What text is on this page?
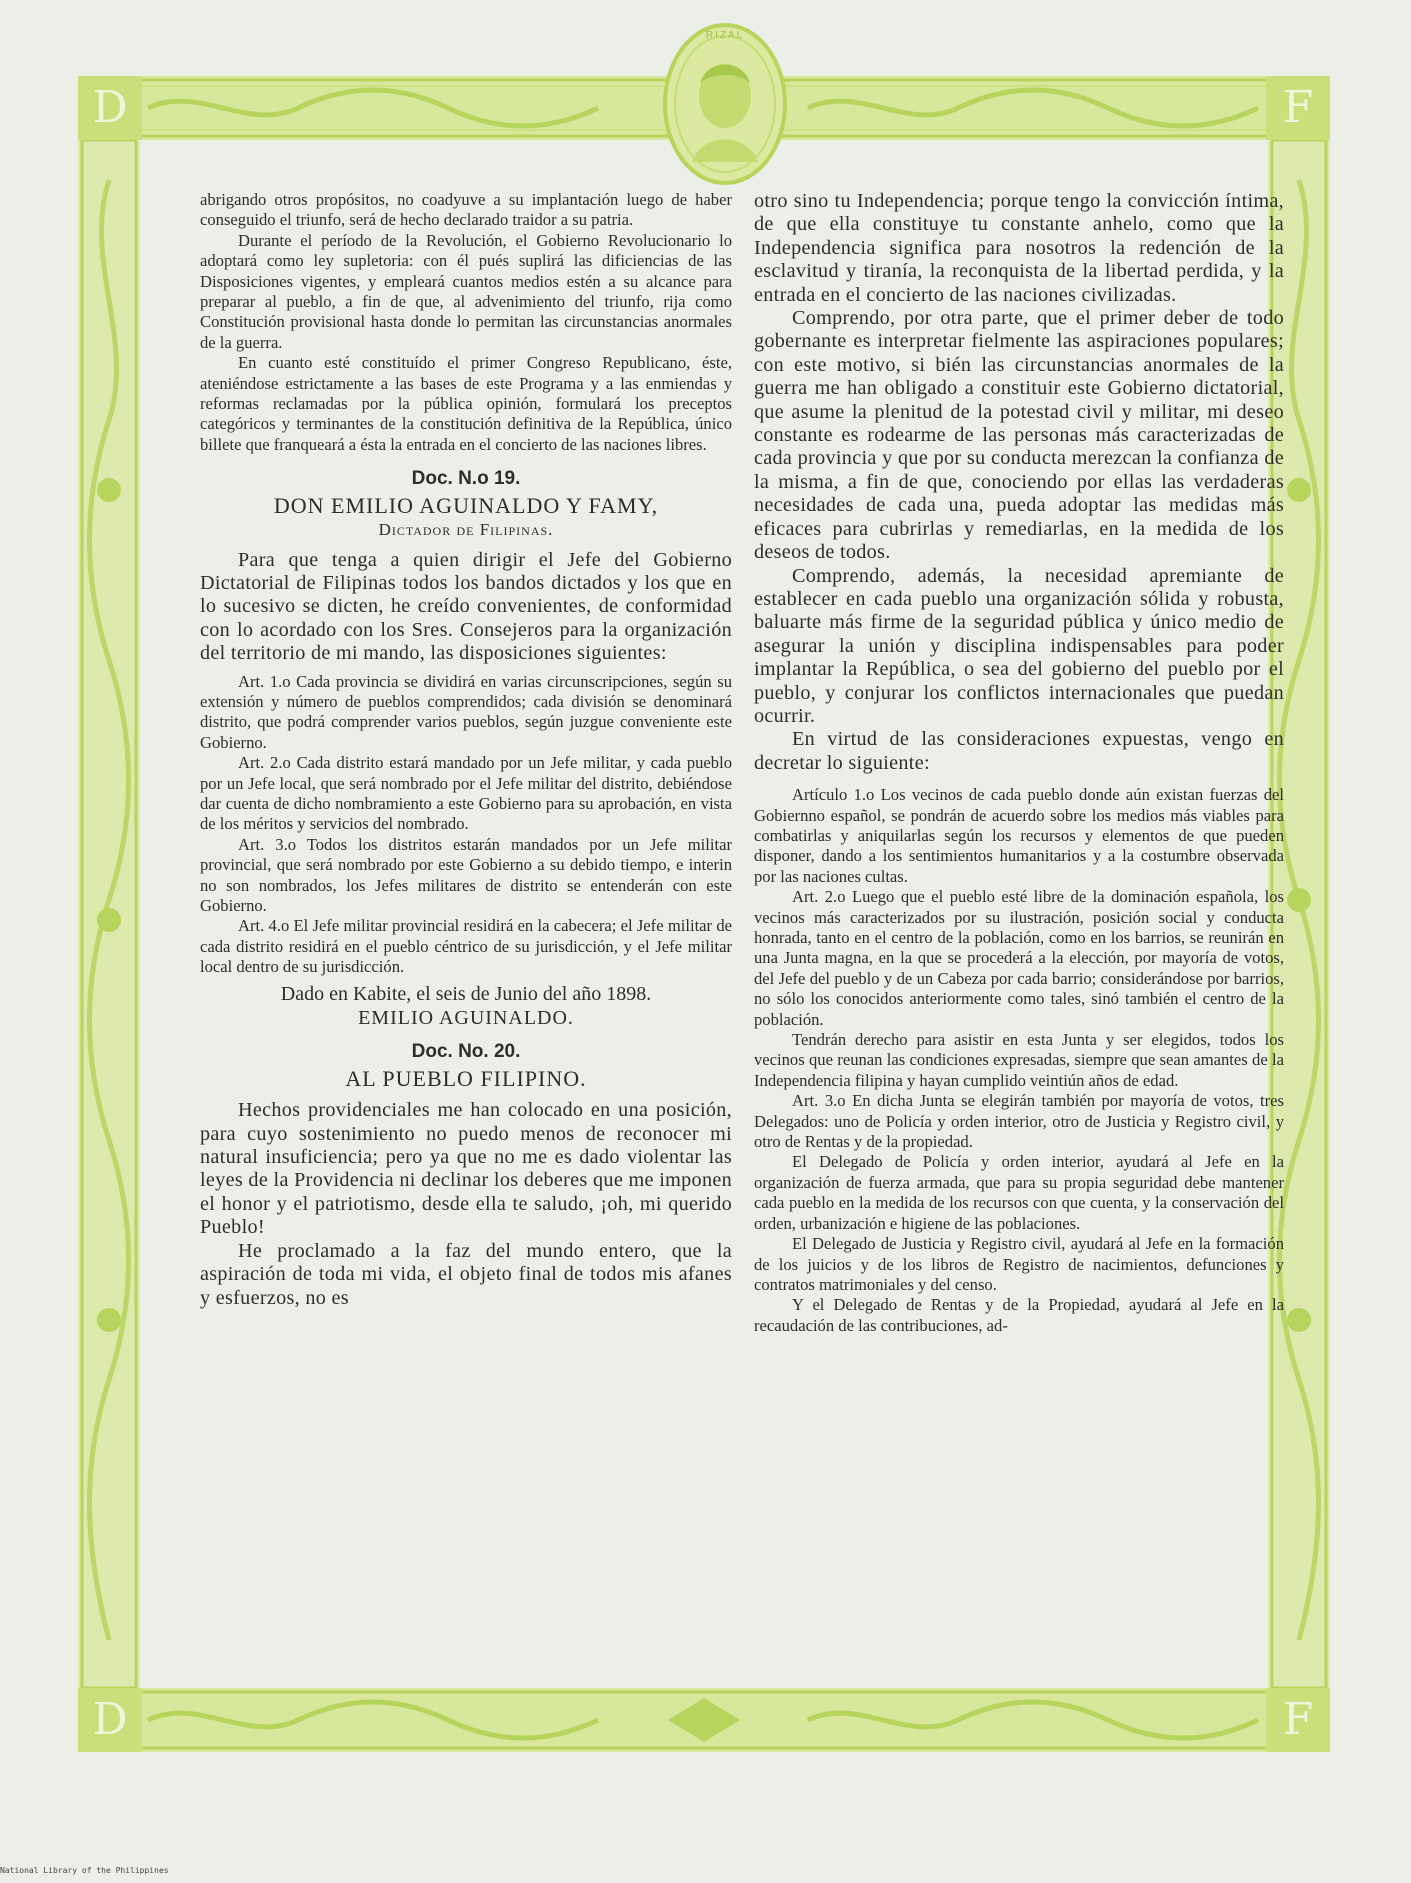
D	F
D	F
RIZAL

abrigando otros propósitos, no coadyuve a su implantación luego de haber conseguido el triunfo, será de hecho declarado traidor a su patria.

Durante el período de la Revolución, el Gobierno Revolucionario lo adoptará como ley supletoria: con él pués suplirá las dificiencias de las Disposiciones vigentes, y empleará cuantos medios estén a su alcance para preparar al pueblo, a fin de que, al advenimiento del triunfo, rija como Constitución provisional hasta donde lo permitan las circunstancias anormales de la guerra.

En cuanto esté constituído el primer Congreso Republicano, éste, ateniéndose estrictamente a las bases de este Programa y a las enmiendas y reformas reclamadas por la pública opinión, formulará los preceptos categóricos y terminantes de la constitución definitiva de la República, único billete que franqueará a ésta la entrada en el concierto de las naciones libres.

Doc. N.o 19.

DON EMILIO AGUINALDO Y FAMY,

Dictador de Filipinas.

Para que tenga a quien dirigir el Jefe del Gobierno Dictatorial de Filipinas todos los bandos dictados y los que en lo sucesivo se dicten, he creído convenientes, de conformidad con lo acordado con los Sres. Consejeros para la organización del territorio de mi mando, las disposiciones siguientes:

Art. 1.o Cada provincia se dividirá en varias circunscripciones, según su extensión y número de pueblos comprendidos; cada división se denominará distrito, que podrá comprender varios pueblos, según juzgue conveniente este Gobierno.

Art. 2.o Cada distrito estará mandado por un Jefe militar, y cada pueblo por un Jefe local, que será nombrado por el Jefe militar del distrito, debiéndose dar cuenta de dicho nombramiento a este Gobierno para su aprobación, en vista de los méritos y servicios del nombrado.

Art. 3.o Todos los distritos estarán mandados por un Jefe militar provincial, que será nombrado por este Gobierno a su debido tiempo, e interin no son nombrados, los Jefes militares de distrito se entenderán con este Gobierno.

Art. 4.o El Jefe militar provincial residirá en la cabecera; el Jefe militar de cada distrito residirá en el pueblo céntrico de su jurisdicción, y el Jefe militar local dentro de su jurisdicción.

Dado en Kabite, el seis de Junio del año 1898.

EMILIO AGUINALDO.

Doc. No. 20.

AL PUEBLO FILIPINO.

Hechos providenciales me han colocado en una posición, para cuyo sostenimiento no puedo menos de reconocer mi natural insuficiencia; pero ya que no me es dado violentar las leyes de la Providencia ni declinar los deberes que me imponen el honor y el patriotismo, desde ella te saludo, ¡oh, mi querido Pueblo!

He proclamado a la faz del mundo entero, que la aspiración de toda mi vida, el objeto final de todos mis afanes y esfuerzos, no es

otro sino tu Independencia; porque tengo la convicción íntima, de que ella constituye tu constante anhelo, como que la Independencia significa para nosotros la redención de la esclavitud y tiranía, la reconquista de la libertad perdida, y la entrada en el concierto de las naciones civilizadas.

Comprendo, por otra parte, que el primer deber de todo gobernante es interpretar fielmente las aspiraciones populares; con este motivo, si bién las circunstancias anormales de la guerra me han obligado a constituir este Gobierno dictatorial, que asume la plenitud de la potestad civil y militar, mi deseo constante es rodearme de las personas más caracterizadas de cada provincia y que por su conducta merezcan la confianza de la misma, a fin de que, conociendo por ellas las verdaderas necesidades de cada una, pueda adoptar las medidas más eficaces para cubrirlas y remediarlas, en la medida de los deseos de todos.

Comprendo, además, la necesidad apremiante de establecer en cada pueblo una organización sólida y robusta, baluarte más firme de la seguridad pública y único medio de asegurar la unión y disciplina indispensables para poder implantar la República, o sea del gobierno del pueblo por el pueblo, y conjurar los conflictos internacionales que puedan ocurrir.

En virtud de las consideraciones expuestas, vengo en decretar lo siguiente:

Artículo 1.o Los vecinos de cada pueblo donde aún existan fuerzas del Gobiernno español, se pondrán de acuerdo sobre los medios más viables para combatirlas y aniquilarlas según los recursos y elementos de que pueden disponer, dando a los sentimientos humanitarios y a la costumbre observada por las naciones cultas.

Art. 2.o Luego que el pueblo esté libre de la dominación española, los vecinos más caracterizados por su ilustración, posición social y conducta honrada, tanto en el centro de la población, como en los barrios, se reunirán en una Junta magna, en la que se procederá a la elección, por mayoría de votos, del Jefe del pueblo y de un Cabeza por cada barrio; considerándose por barrios, no sólo los conocidos anteriormente como tales, sinó también el centro de la población.

Tendrán derecho para asistir en esta Junta y ser elegidos, todos los vecinos que reunan las condiciones expresadas, siempre que sean amantes de la Independencia filipina y hayan cumplido veintiún años de edad.

Art. 3.o En dicha Junta se elegirán también por mayoría de votos, tres Delegados: uno de Policía y orden interior, otro de Justicia y Registro civil, y otro de Rentas y de la propiedad.

El Delegado de Policía y orden interior, ayudará al Jefe en la organización de fuerza armada, que para su propia seguridad debe mantener cada pueblo en la medida de los recursos con que cuenta, y la conservación del orden, urbanización e higiene de las poblaciones.

El Delegado de Justicia y Registro civil, ayudará al Jefe en la formación de los juicios y de los libros de Registro de nacimientos, defunciones y contratos matrimoniales y del censo.

Y el Delegado de Rentas y de la Propiedad, ayudará al Jefe en la recaudación de las contribuciones, ad-

National Library of the Philippines
